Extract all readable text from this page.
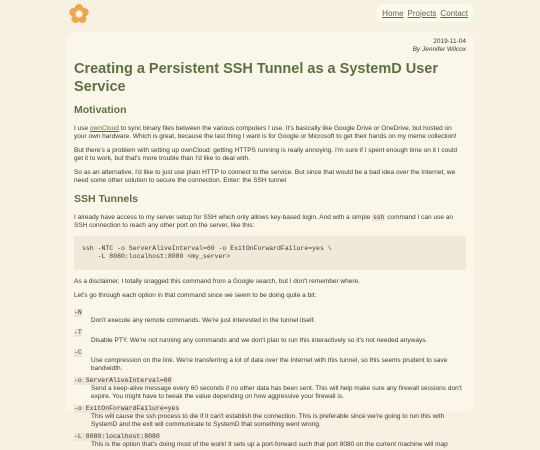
Home Projects Contact
2019-11-04
By Jennifer Wilcox
Creating a Persistent SSH Tunnel as a SystemD User Service
Motivation

I use ownCloud to sync binary files between the various computers I use. It's basically like Google Drive or OneDrive, but hosted on your own hardware. Which is great, because the last thing I want is for Google or Microsoft to get their hands on my meme collection!

But there's a problem with setting up ownCloud: getting HTTPS running is really annoying. I'm sure if I spent enough time on it I could get it to work, but that's more trouble than I'd like to deal with.

So as an alternative, I'd like to just use plain HTTP to connect to the service. But since that would be a bad idea over the Internet, we need some other solution to secure the connection. Enter: the SSH tunnel

SSH Tunnels

I already have access to my server setup for SSH which only allows key-based login. And with a simple ssh command I can use an SSH connection to reach any other port on the server, like this:

ssh -NTC -o ServerAliveInterval=60 -o ExitOnForwardFailure=yes \
-L 8080:localhost:8080 <my_server>

As a disclaimer, I totally snagged this command from a Google search, but I don't remember where.

Let's go through each option in that command since we seem to be doing quite a bit:

-N
Don't execute any remote commands. We're just interested in the tunnel itself.
-T
Disable PTY. We're not running any commands and we don't plan to run this interactively so it's not needed anyways.
-C
Use compression on the link. We're transferring a lot of data over the Internet with this tunnel, so this seems prudent to save bandwidth.
-o ServerAliveInterval=60
Send a keep-alive message every 60 seconds if no other data has been sent. This will help make sure any firewall sessions don't expire. You might have to tweak the value depending on how aggressive your firewall is.
-o ExitOnForwardFailure=yes
This will cause the ssh process to die if it can't establish the connection. This is preferable since we're going to run this with SystemD and the exit will communicate to SystemD that something went wrong.
-L 8080:localhost:8080
This is the option that's doing most of the work! It sets up a port-forward such that port 8080 on the current machine will map
